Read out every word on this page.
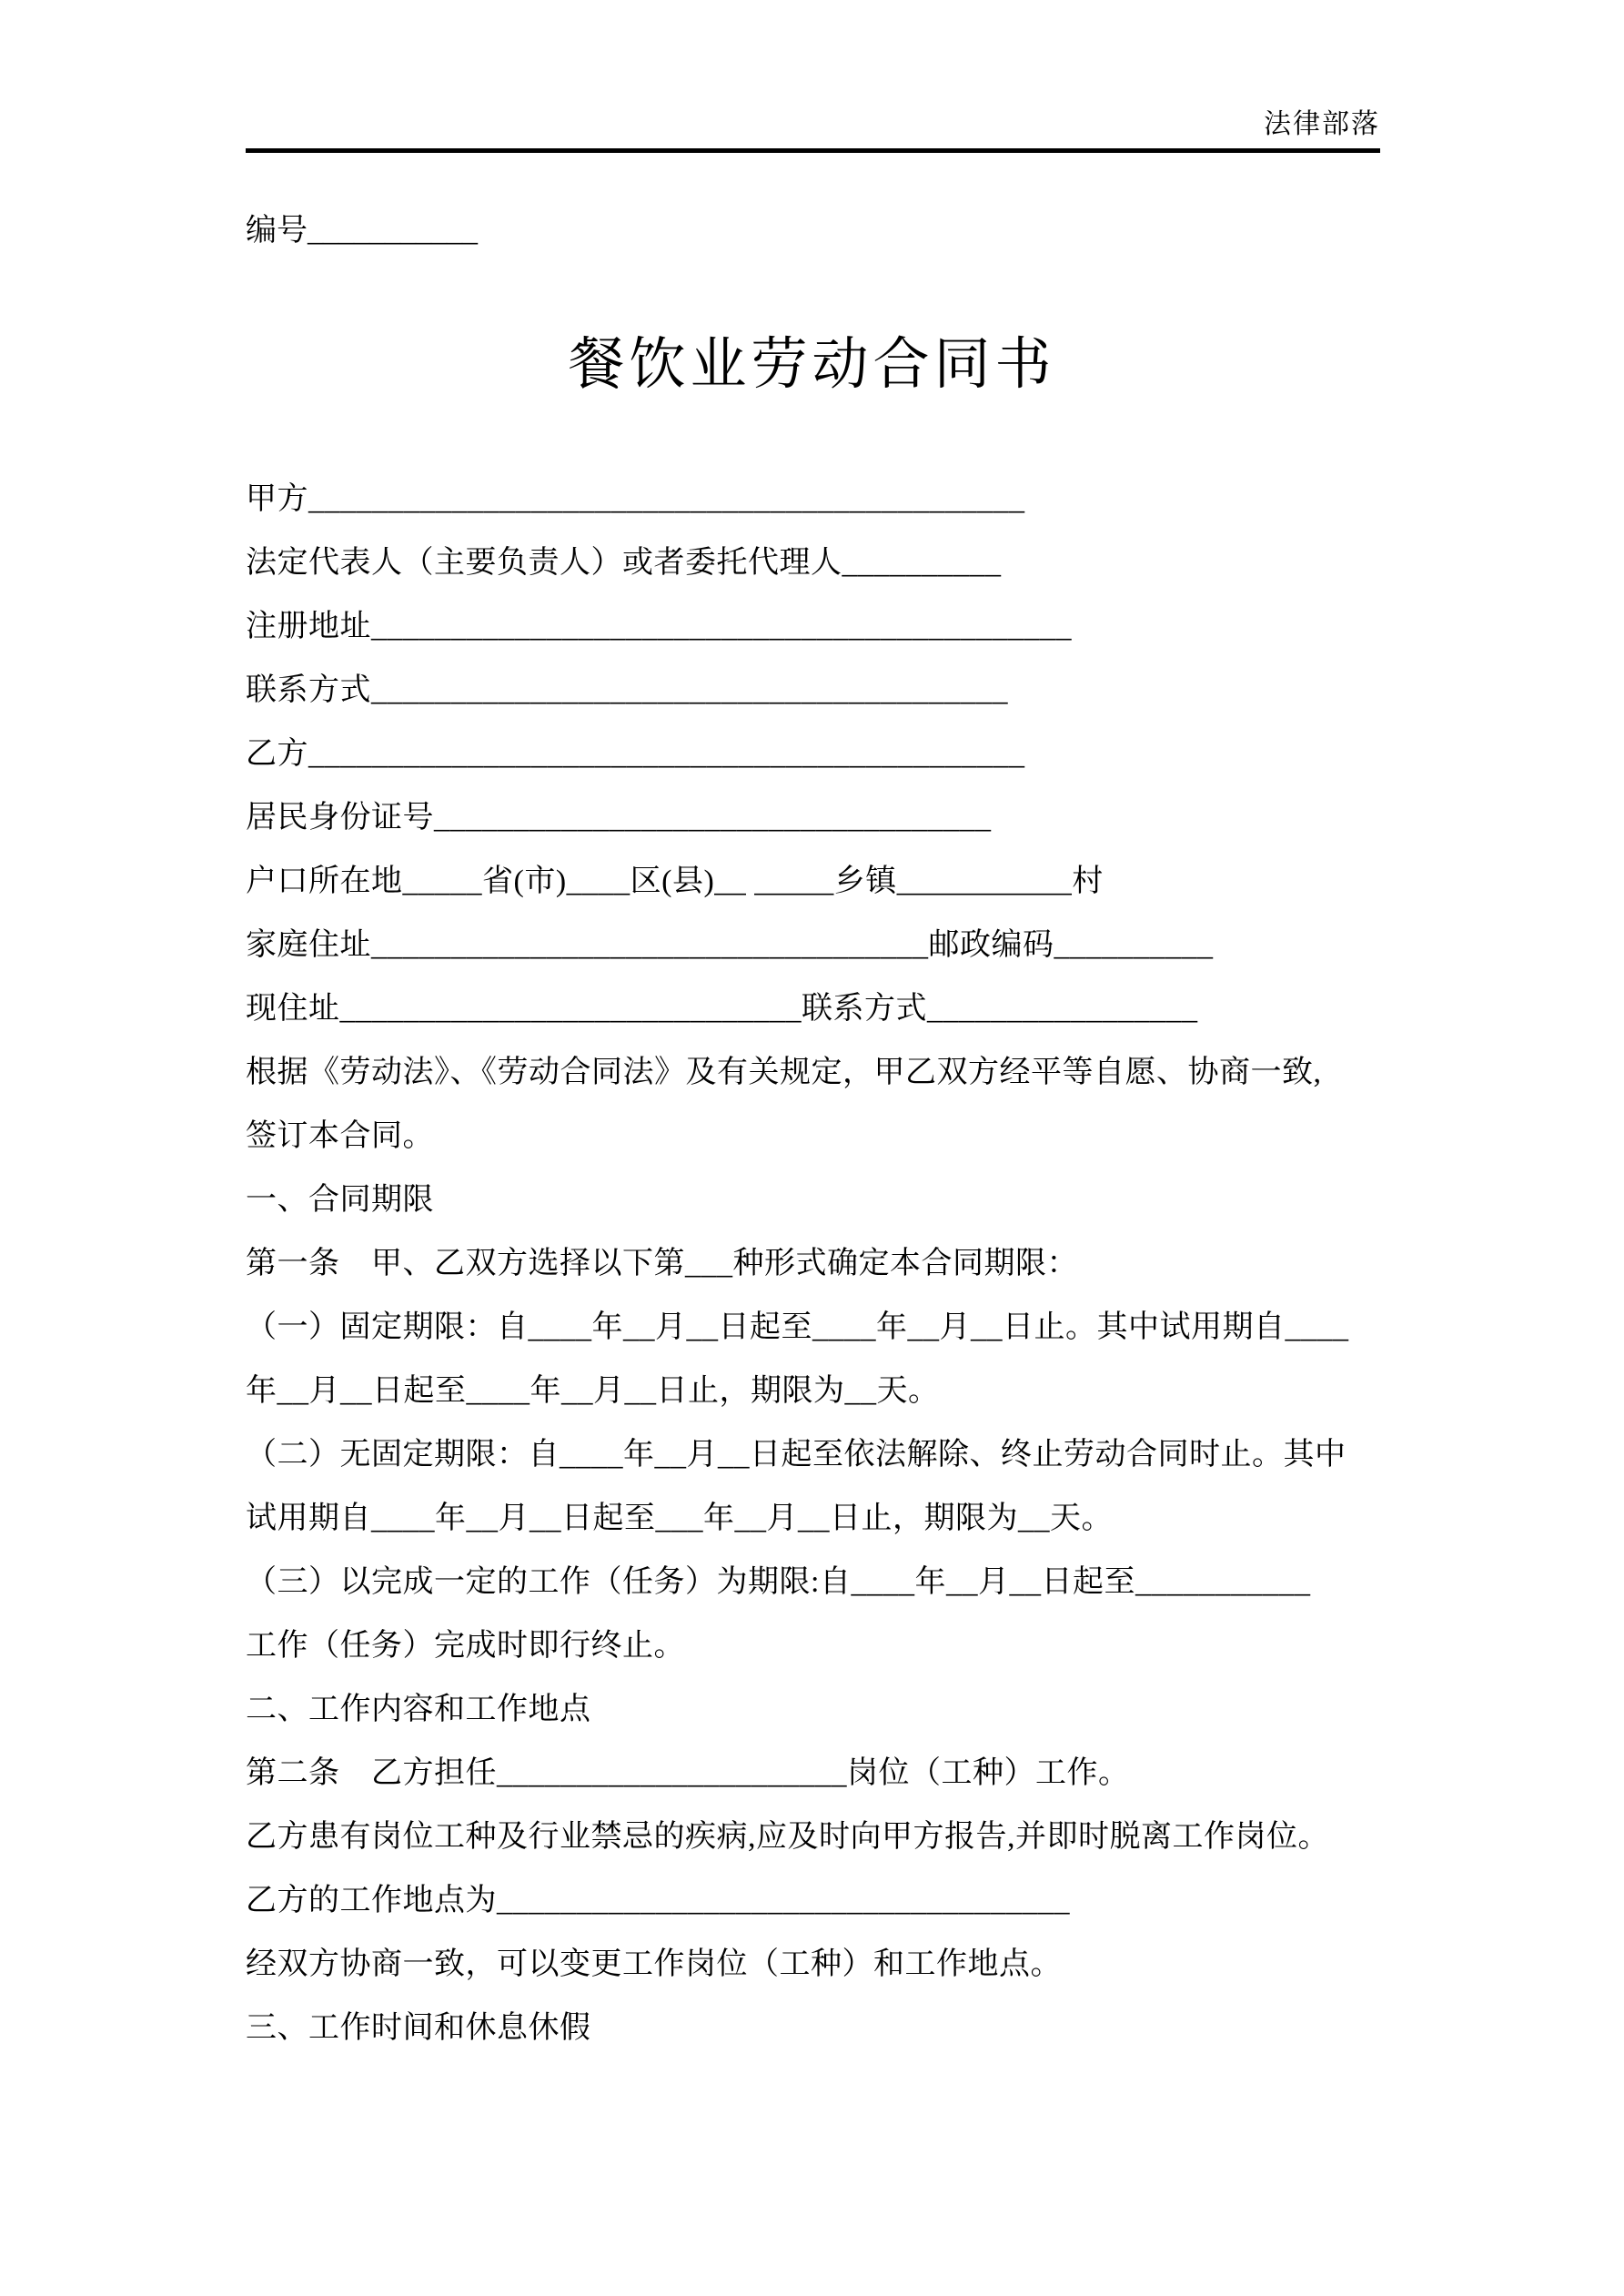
法律部落
编号___________
餐饮业劳动合同书
甲方_____________________________________________
法定代表人（主要负责人）或者委托代理人__________
注册地址____________________________________________
联系方式________________________________________
乙方_____________________________________________
居民身份证号___________________________________
户口所在地_____省(市)____区(县)__ _____乡镇___________村
家庭住址___________________________________邮政编码__________
现住址_____________________________联系方式_________________
根据《劳动法》、《劳动合同法》及有关规定，甲乙双方经平等自愿、协商一致,
签订本合同。
一、合同期限
第一条　甲、乙双方选择以下第___种形式确定本合同期限：
（一）固定期限：自____年__月__日起至____年__月__日止。其中试用期自____
年__月__日起至____年__月__日止，期限为__天。
（二）无固定期限：自____年__月__日起至依法解除、终止劳动合同时止。其中
试用期自____年__月__日起至___年__月__日止，期限为__天。
（三）以完成一定的工作（任务）为期限:自____年__月__日起至___________
工作（任务）完成时即行终止。
二、工作内容和工作地点
第二条　乙方担任______________________岗位（工种）工作。
乙方患有岗位工种及行业禁忌的疾病,应及时向甲方报告,并即时脱离工作岗位。
乙方的工作地点为____________________________________
经双方协商一致，可以变更工作岗位（工种）和工作地点。
三、工作时间和休息休假
